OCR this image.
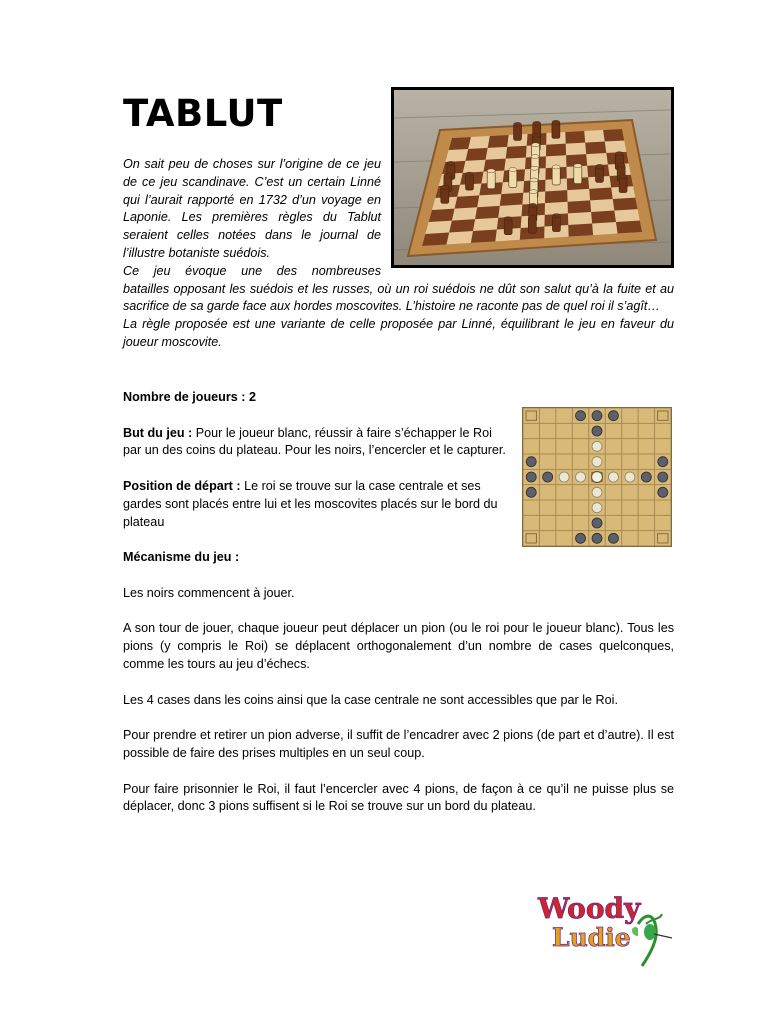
TABLUT

On sait peu de choses sur l’origine de ce jeu de ce jeu scandinave. C’est un certain Linné qui l’aurait rapporté en 1732 d’un voyage en Laponie. Les premières règles du Tablut seraient celles notées dans le journal de l’illustre botaniste suédois.

Ce jeu évoque une des nombreuses

batailles opposant les suédois et les russes, où un roi suédois ne dût son salut qu’à la fuite et au sacrifice de sa garde face aux hordes moscovites. L’histoire ne raconte pas de quel roi il s’agît…

La règle proposée est une variante de celle proposée par Linné, équilibrant le jeu en faveur du joueur moscovite.

Nombre de joueurs : 2

But du jeu : Pour le joueur blanc, réussir à faire s’échapper le Roi par un des coins du plateau. Pour les noirs, l’encercler et le capturer.

Position de départ : Le roi se trouve sur la case centrale et ses gardes sont placés entre lui et les moscovites placés sur le bord du plateau

Mécanisme du jeu :

Les noirs commencent à jouer.

A son tour de jouer, chaque joueur peut déplacer un pion (ou le roi pour le joueur blanc). Tous les pions (y compris le Roi) se déplacent orthogonalement d’un nombre de cases quelconques, comme les tours au jeu d’échecs.

Les 4 cases dans les coins ainsi que la case centrale ne sont accessibles que par le Roi.

Pour prendre et retirer un pion adverse, il suffit de l’encadrer avec 2 pions (de part et d’autre). Il est possible de faire des prises multiples en un seul coup.

Pour faire prisonnier le Roi, il faut l’encercler avec 4 pions, de façon à ce qu’il ne puisse plus se déplacer, donc 3 pions suffisent si le Roi se trouve sur un bord du plateau.

Woody
Ludie
